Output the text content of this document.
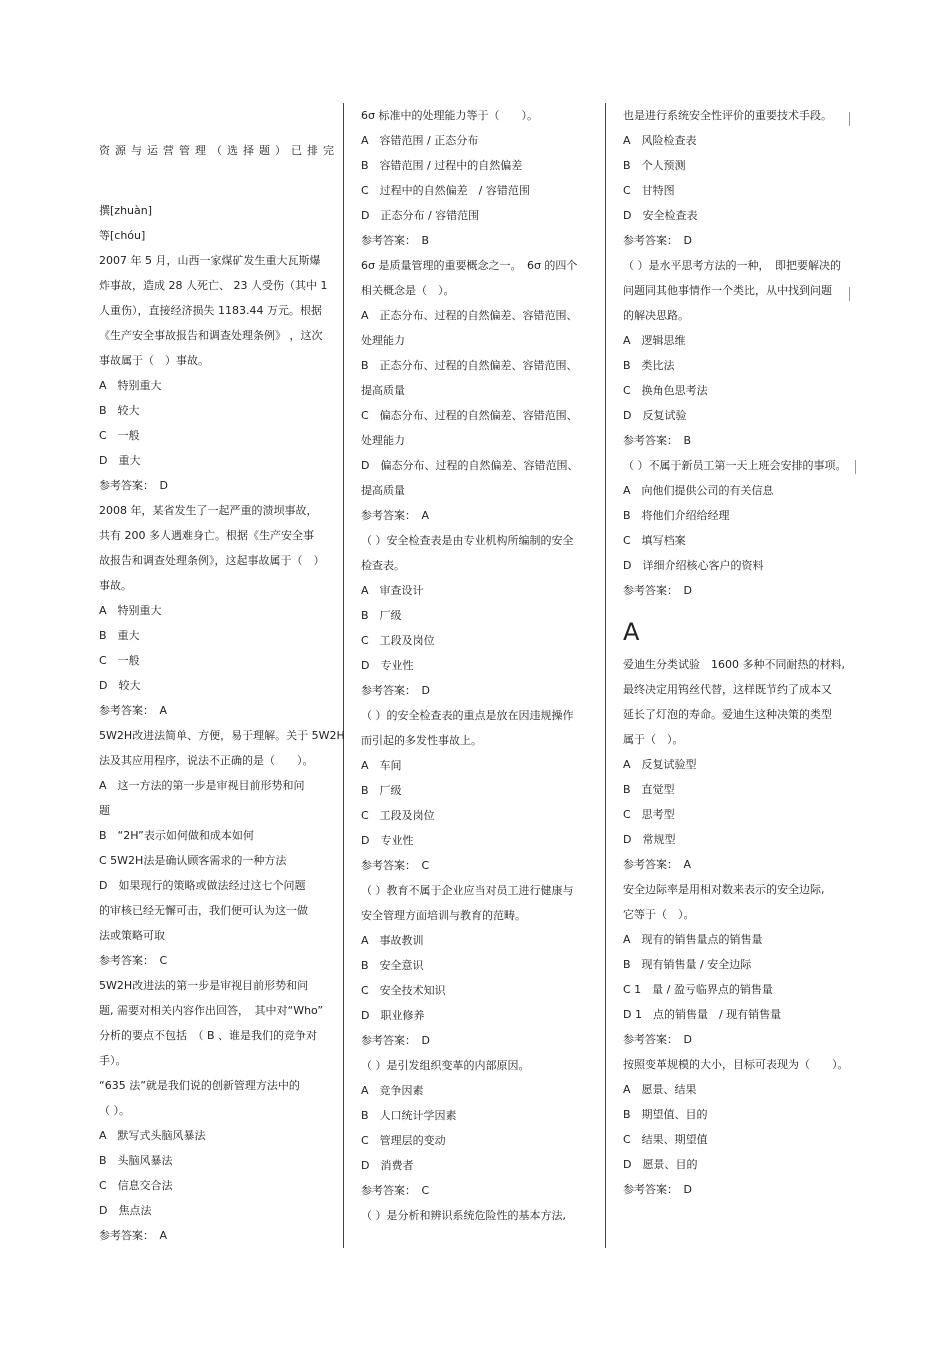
资源与运营管理（选择题）已排完
撰[zhuàn]
等[chóu]
2007 年 5 月，山西一家煤矿发生重大瓦斯爆
炸事故，造成 28 人死亡、 23 人受伤（其中 1
人重伤），直接经济损失 1183.44 万元。根据
《生产安全事故报告和调查处理条例》 ，这次
事故属于（　）事故。
A　特别重大
B　较大
C　一般
D　重大
参考答案：　D
2008 年，某省发生了一起严重的溃坝事故，
共有 200 多人遇难身亡。根据《生产安全事
故报告和调查处理条例》，这起事故属于（　）
事故。
A　特别重大
B　重大
C　一般
D　较大
参考答案：　A
5W2H改进法简单、方便，易于理解。关于 5W2H
法及其应用程序，说法不正确的是（　　）。
A　这一方法的第一步是审视目前形势和问
题
B　“2H”表示如何做和成本如何
C 5W2H法是确认顾客需求的一种方法
D　如果现行的策略或做法经过这七个问题
的审核已经无懈可击，我们便可认为这一做
法或策略可取
参考答案：　C
5W2H改进法的第一步是审视目前形势和问
题, 需要对相关内容作出回答，　其中对“Who”
分析的要点不包括　（ B 、谁是我们的竞争对
手）。
“635 法”就是我们说的创新管理方法中的
（ ）。
A　默写式头脑风暴法
B　头脑风暴法
C　信息交合法
D　焦点法
参考答案：　A
6σ 标准中的处理能力等于（　　）。
A　容错范围 / 正态分布
B　容错范围 / 过程中的自然偏差
C　过程中的自然偏差　/ 容错范围
D　正态分布 / 容错范围
参考答案：　B
6σ 是质量管理的重要概念之一。　6σ 的四个
相关概念是（　）。
A　正态分布、过程的自然偏差、容错范围、
处理能力
B　正态分布、过程的自然偏差、容错范围、
提高质量
C　偏态分布、过程的自然偏差、容错范围、
处理能力
D　偏态分布、过程的自然偏差、容错范围、
提高质量
参考答案：　A
（ ）安全检查表是由专业机构所编制的安全
检查表。
A　审查设计
B　厂级
C　工段及岗位
D　专业性
参考答案：　D
（ ）的安全检查表的重点是放在因违规操作
而引起的多发性事故上。
A　车间
B　厂级
C　工段及岗位
D　专业性
参考答案：　C
（ ）教育不属于企业应当对员工进行健康与
安全管理方面培训与教育的范畴。
A　事故教训
B　安全意识
C　安全技术知识
D　职业修养
参考答案：　D
（ ）是引发组织变革的内部原因。
A　竞争因素
B　人口统计学因素
C　管理层的变动
D　消费者
参考答案：　C
（ ）是分析和辨识系统危险性的基本方法,
也是进行系统安全性评价的重要技术手段。
A　风险检查表
B　个人预测
C　甘特图
D　安全检查表
参考答案：　D
（ ）是水平思考方法的一种，　即把要解决的
问题同其他事情作一个类比，从中找到问题
的解决思路。
A　逻辑思维
B　类比法
C　换角色思考法
D　反复试验
参考答案：　B
（ ）不属于新员工第一天上班会安排的事项。
A　向他们提供公司的有关信息
B　将他们介绍给经理
C　填写档案
D　详细介绍核心客户的资料
参考答案：　D
A
爱迪生分类试验　1600 多种不同耐热的材料,
最终决定用钨丝代替，这样既节约了成本又
延长了灯泡的寿命。爱迪生这种决策的类型
属于（　）。
A　反复试验型
B　直觉型
C　思考型
D　常规型
参考答案：　A
安全边际率是用相对数来表示的安全边际,
它等于（　）。
A　现有的销售量点的销售量
B　现有销售量 / 安全边际
C 1　量 / 盈亏临界点的销售量
D 1　点的销售量　/ 现有销售量
参考答案：　D
按照变革规模的大小，目标可表现为（　　）。
A　愿景、结果
B　期望值、目的
C　结果、期望值
D　愿景、目的
参考答案：　D
